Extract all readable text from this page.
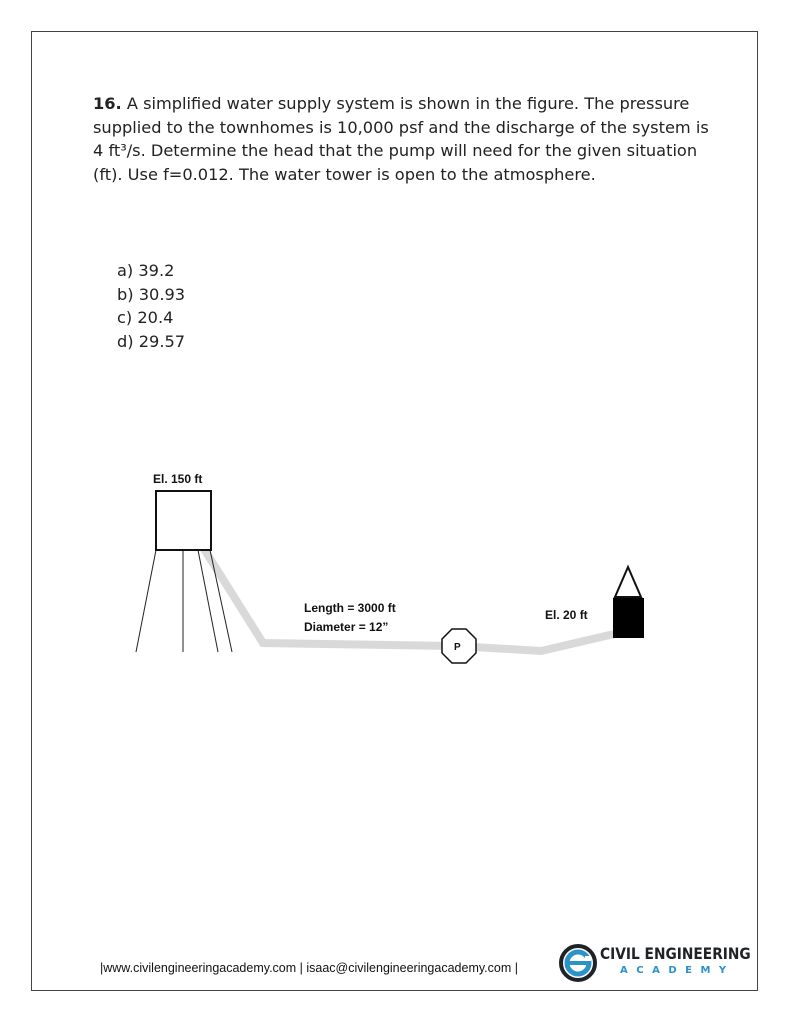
16. A simplified water supply system is shown in the figure. The pressure supplied to the townhomes is 10,000 psf and the discharge of the system is 4 ft³/s. Determine the head that the pump will need for the given situation (ft). Use f=0.012. The water tower is open to the atmosphere.
a) 39.2
b) 30.93
c) 20.4
d) 29.57
El. 150 ft
Length = 3000 ft
Diameter = 12”
P
El. 20 ft
|www.civilengineeringacademy.com | isaac@civilengineeringacademy.com |
CIVIL ENGINEERING
ACADEMY
